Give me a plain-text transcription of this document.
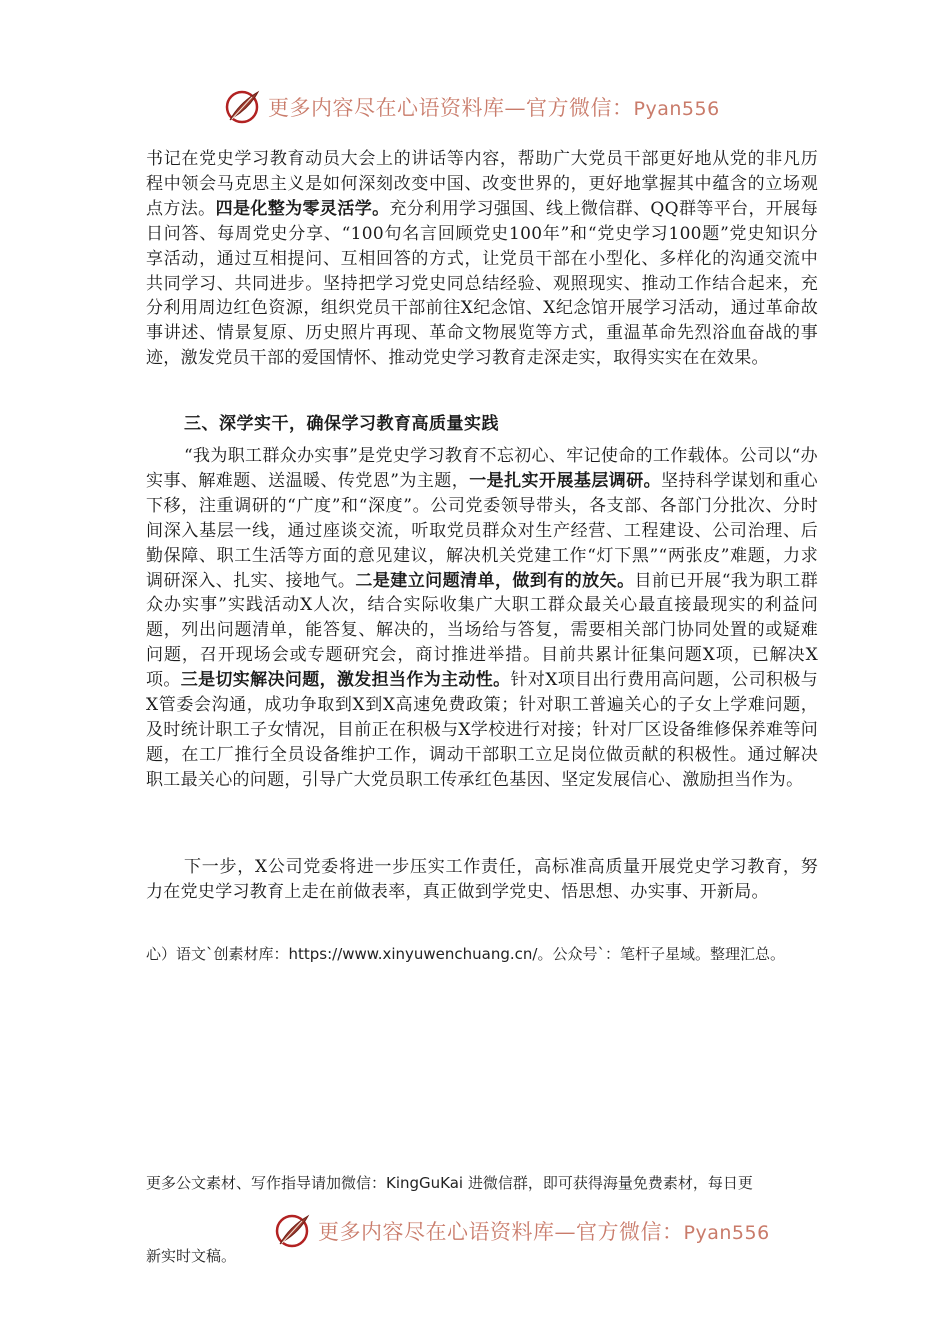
更多内容尽在心语资料库—官方微信：Pyan556
书记在党史学习教育动员大会上的讲话等内容，帮助广大党员干部更好地从党的非凡历程中领会马克思主义是如何深刻改变中国、改变世界的，更好地掌握其中蕴含的立场观点方法。四是化整为零灵活学。充分利用学习强国、线上微信群、QQ群等平台，开展每日问答、每周党史分享、“100句名言回顾党史100年”和“党史学习100题”党史知识分享活动，通过互相提问、互相回答的方式，让党员干部在小型化、多样化的沟通交流中共同学习、共同进步。坚持把学习党史同总结经验、观照现实、推动工作结合起来，充分利用周边红色资源，组织党员干部前往X纪念馆、X纪念馆开展学习活动，通过革命故事讲述、情景复原、历史照片再现、革命文物展览等方式，重温革命先烈浴血奋战的事迹，激发党员干部的爱国情怀、推动党史学习教育走深走实，取得实实在在效果。
三、深学实干，确保学习教育高质量实践
“我为职工群众办实事”是党史学习教育不忘初心、牢记使命的工作载体。公司以“办实事、解难题、送温暖、传党恩”为主题，一是扎实开展基层调研。坚持科学谋划和重心下移，注重调研的“广度”和“深度”。公司党委领导带头，各支部、各部门分批次、分时间深入基层一线，通过座谈交流，听取党员群众对生产经营、工程建设、公司治理、后勤保障、职工生活等方面的意见建议，解决机关党建工作“灯下黑”“两张皮”难题，力求调研深入、扎实、接地气。二是建立问题清单，做到有的放矢。目前已开展“我为职工群众办实事”实践活动X人次，结合实际收集广大职工群众最关心最直接最现实的利益问题，列出问题清单，能答复、解决的，当场给与答复，需要相关部门协同处置的或疑难问题，召开现场会或专题研究会，商讨推进举措。目前共累计征集问题X项，已解决X项。三是切实解决问题，激发担当作为主动性。针对X项目出行费用高问题，公司积极与X管委会沟通，成功争取到X到X高速免费政策；针对职工普遍关心的子女上学难问题，及时统计职工子女情况，目前正在积极与X学校进行对接；针对厂区设备维修保养难等问题，在工厂推行全员设备维护工作，调动干部职工立足岗位做贡献的积极性。通过解决职工最关心的问题，引导广大党员职工传承红色基因、坚定发展信心、激励担当作为。
下一步，X公司党委将进一步压实工作责任，高标准高质量开展党史学习教育，努力在党史学习教育上走在前做表率，真正做到学党史、悟思想、办实事、开新局。
心）语文`创素材库：https://www.xinyuwenchuang.cn/。公众号`：笔杆子星域。整理汇总。
更多公文素材、写作指导请加微信：KingGuKai 进微信群，即可获得海量免费素材，每日更
更多内容尽在心语资料库—官方微信：Pyan556
新实时文稿。
